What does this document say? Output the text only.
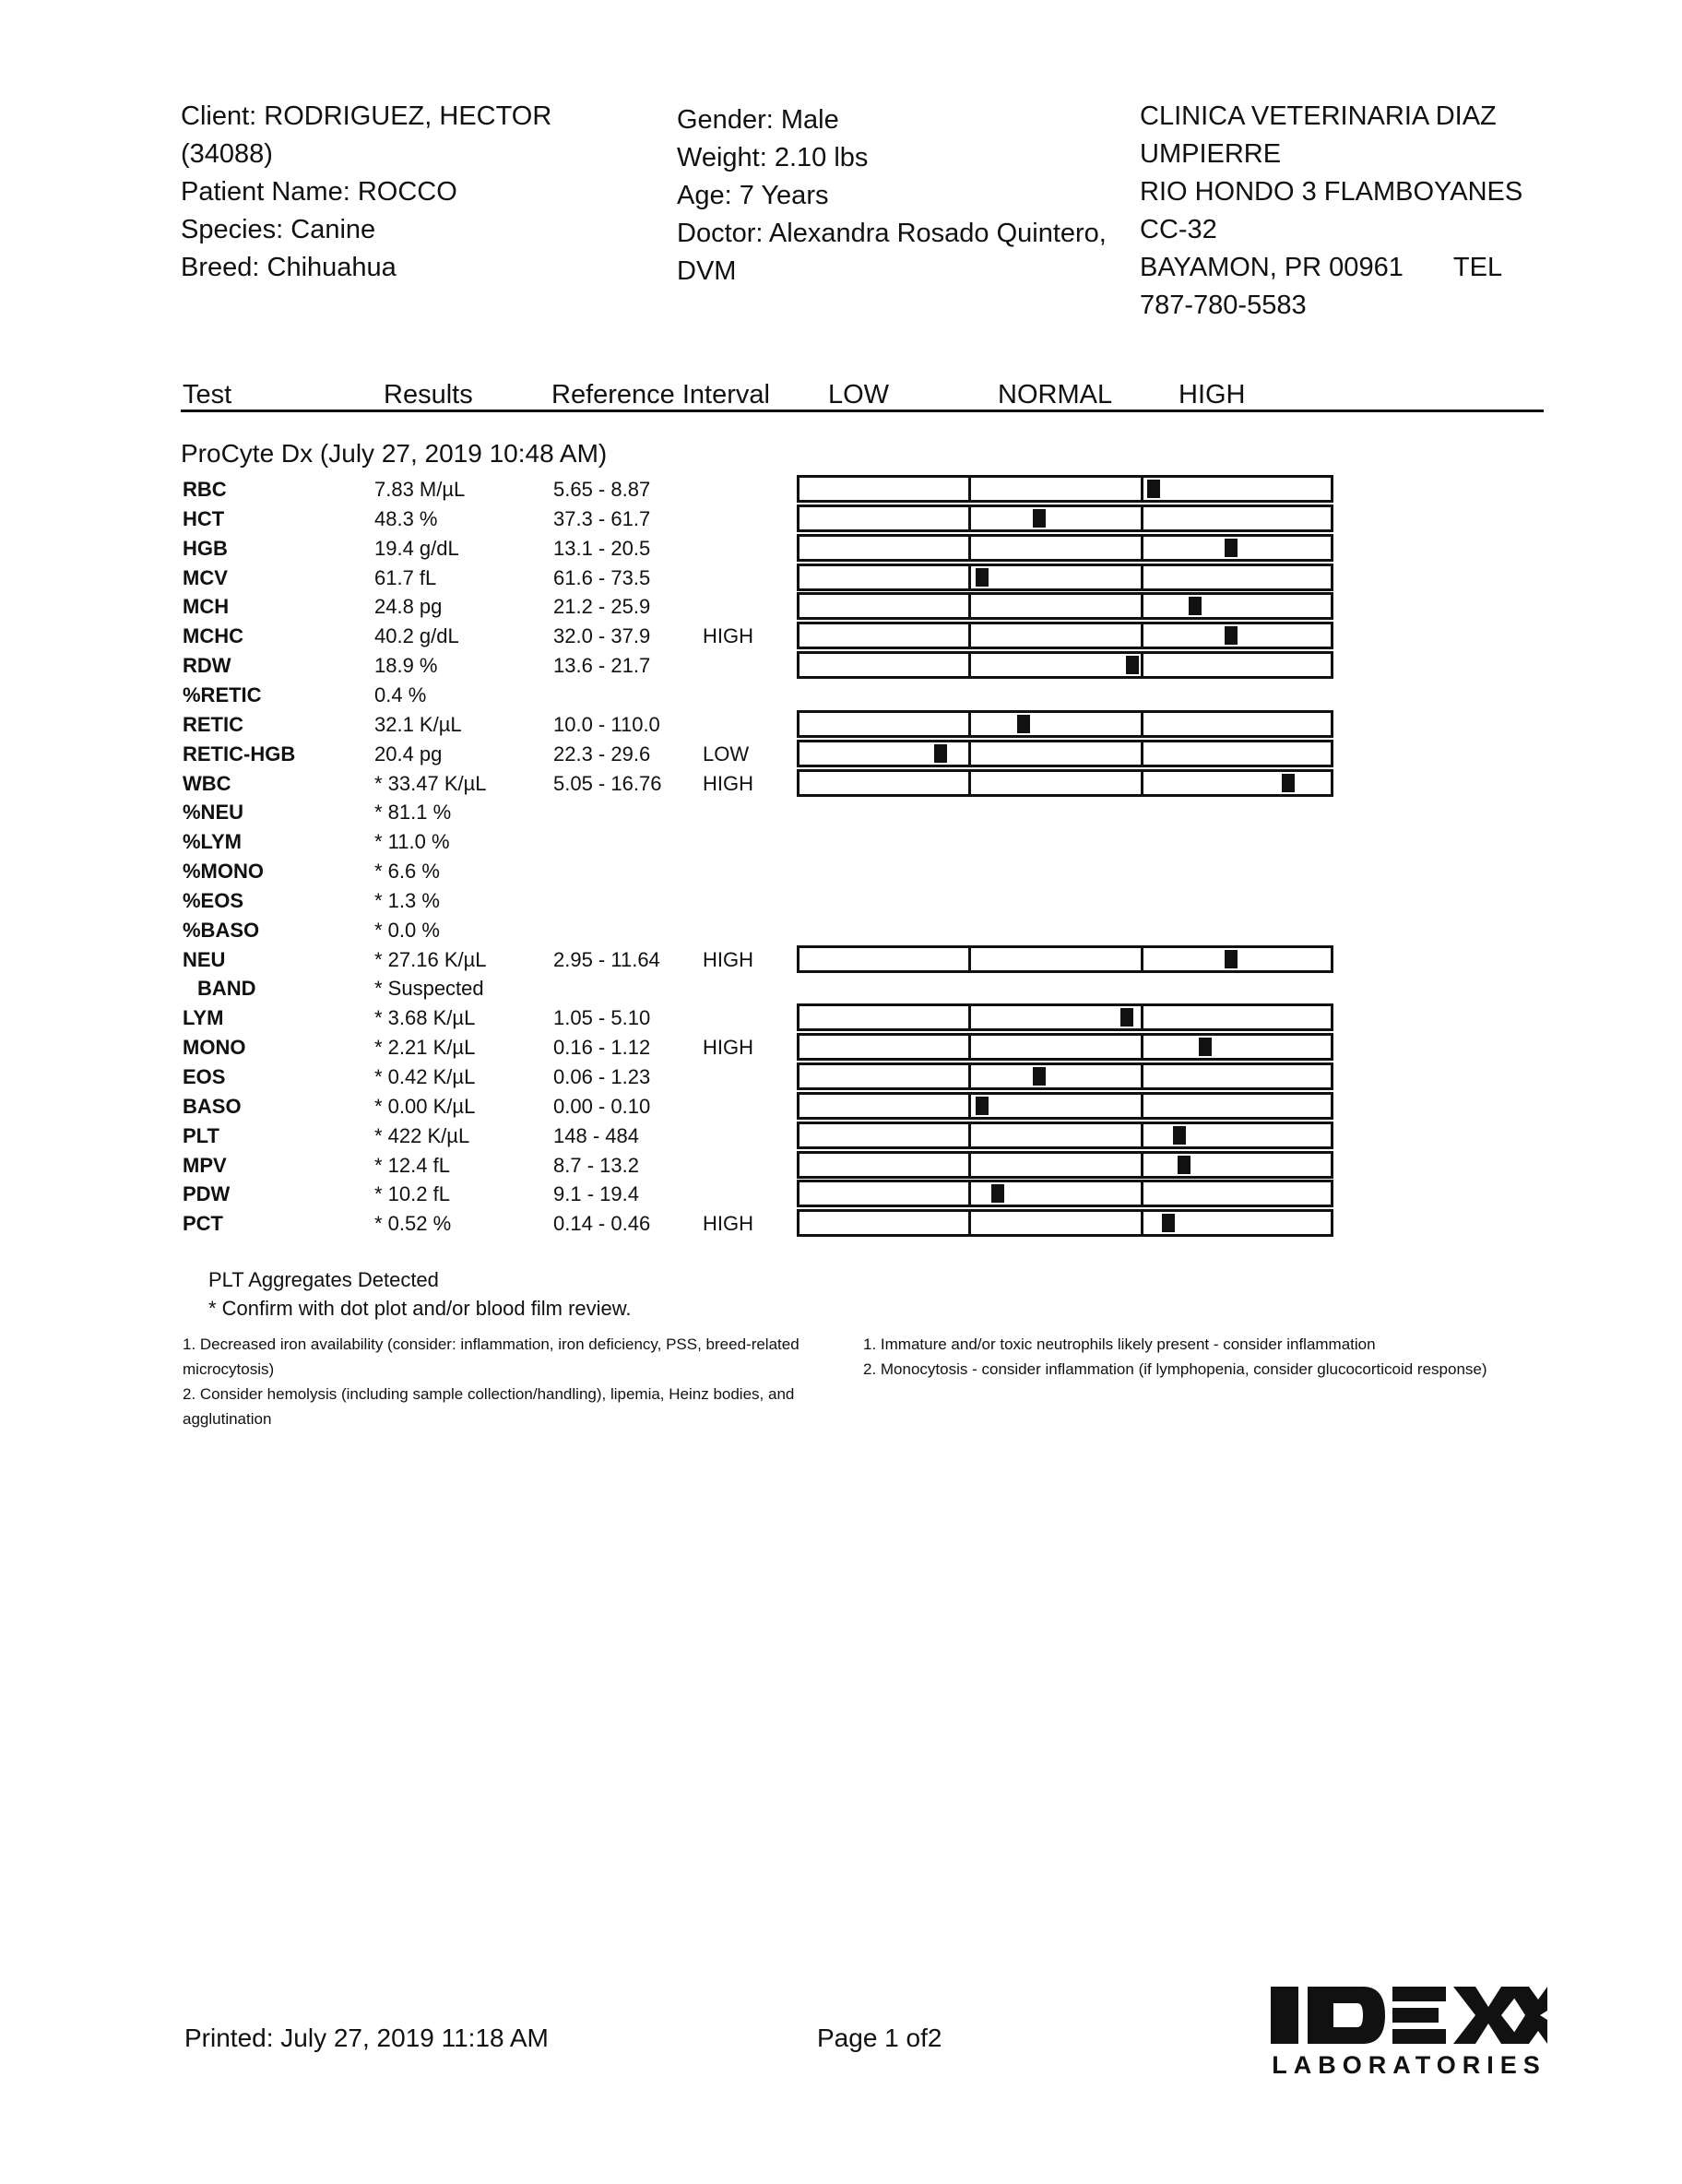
Client: RODRIGUEZ, HECTOR
(34088)
Patient Name: ROCCO
Species: Canine
Breed: Chihuahua
Gender: Male
Weight: 2.10 lbs
Age: 7 Years
Doctor: Alexandra Rosado Quintero,
DVM
CLINICA VETERINARIA DIAZ
UMPIERRE
RIO HONDO 3 FLAMBOYANES
CC-32
BAYAMON, PR 00961 TEL
787-780-5583
Test	Results	Reference Interval LOW	NORMAL HIGH
ProCyte Dx (July 27, 2019 10:48 AM)
RBC	7.83 M/µL	5.65 - 8.87
HCT	48.3 %	37.3 - 61.7
HGB	19.4 g/dL	13.1 - 20.5
MCV	61.7 fL	61.6 - 73.5
MCH	24.8 pg	21.2 - 25.9
MCHC	40.2 g/dL	32.0 - 37.9	HIGH
RDW	18.9 %	13.6 - 21.7
%RETIC	0.4 %
RETIC	32.1 K/µL	10.0 - 110.0
RETIC-HGB	20.4 pg	22.3 - 29.6	LOW
WBC	* 33.47 K/µL	5.05 - 16.76 HIGH
%NEU	* 81.1 %
%LYM	* 11.0 %
%MONO	* 6.6 %
%EOS	* 1.3 %
%BASO	* 0.0 %
NEU	* 27.16 K/µL	2.95 - 11.64 HIGH
BAND	* Suspected
LYM	* 3.68 K/µL	1.05 - 5.10
MONO	* 2.21 K/µL	0.16 - 1.12	HIGH
EOS	* 0.42 K/µL	0.06 - 1.23
BASO	* 0.00 K/µL	0.00 - 0.10
PLT	* 422 K/µL	148 - 484
MPV	* 12.4 fL	8.7 - 13.2
PDW	* 10.2 fL	9.1 - 19.4
PCT	* 0.52 %	0.14 - 0.46	HIGH
PLT Aggregates Detected
* Confirm with dot plot and/or blood film review.
1. Decreased iron availability (consider: inflammation, iron deficiency, PSS, breed-related microcytosis)
2. Consider hemolysis (including sample collection/handling), lipemia, Heinz bodies, and agglutination
1. Immature and/or toxic neutrophils likely present - consider inflammation
2. Monocytosis - consider inflammation (if lymphopenia, consider glucocorticoid response)
Printed: July 27, 2019 11:18 AM	Page 1 of2
LABORATORIES
